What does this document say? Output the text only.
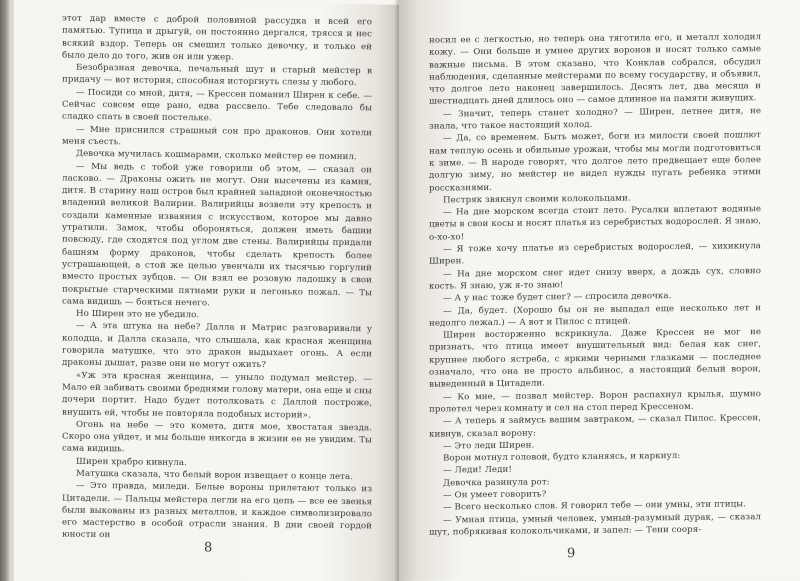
этот дар вместе с доброй половиной рассудка и всей его памятью. Тупица и дрыгуй, он постоянно дергался, трясся и нес всякий вздор. Теперь он смешил только девочку, и только ей было дело до того, жив он или ужер.

Безобразная девочка, печальный шут и старый мейстер в придачу — вот история, способная исторгнуть слезы у любого.

— Посиди со мной, дитя, — Крессен поманил Ширен к себе. — Сейчас совсем еще рано, едва рассвело. Тебе следовало бы сладко спать в своей постельке.

— Мне приснился страшный сон про драконов. Они хотели меня съесть.

Девочка мучилась кошмарами, сколько мейстер ее помнил.

— Мы ведь с тобой уже говорили об этом, — сказал он ласково. — Драконы ожить не могут. Они высечены из камня, дитя. В старину наш остров был крайней западной оконечностью владений великой Валирии. Валирийцы возвели эту крепость и создали каменные изваяния с искусством, которое мы давно утратили. Замок, чтобы обороняться, должен иметь башни повсюду, где сходятся под углом две стены. Валирийцы придали башням форму драконов, чтобы сделать крепость более устрашающей, а стой же целью увенчали их тысячью горгулий вместо простых зубцов. — Он взял ее розовую ладошку в свои покрытые старческими пятнами руки и легонько пожал. — Ты сама видишь — бояться нечего.

Но Ширен это не убедило.

— А эта штука на небе? Далла и Матрис разговаривали у колодца, и Далла сказала, что слышала, как красная женщина говорила матушке, что это дракон выдыхает огонь. А если драконы дышат, разве они не могут ожить?

«Уж эта красная женщина, — уныло подумал мейстер. — Мало ей забивать своими бреднями голову матери, она еще и сны дочери портит. Надо будет потолковать с Даллой построже, внушить ей, чтобы не повторяла подобных историй».

Огонь на небе — это комета, дитя мое, хвостатая звезда. Скоро она уйдет, и мы больше никогда в жизни ее не увидим. Ты сама видишь.

Ширен храбро кивнула.

Матушка сказала, что белый ворон извещает о конце лета.

— Это правда, миледи. Белые вороны прилетают только из Цитадели. — Пальцы мейстера легли на его цепь — все ее звенья были выкованы из разных металлов, и каждое символизировало его мастерство в особой отрасли знания. В дни своей гордой юности он

8

носил ее с легкостью, но теперь она тяготила его, и металл холодил кожу. — Они больше и умнее других воронов и носят только самые важные письма. В этом сказано, что Конклав собрался, обсудил наблюдения, сделанные мейстерами по всему государству, и объявил, что долгое лето наконец завершилось. Десять лет, два месяца и шестнадцать дней длилось оно — самое длинное на памяти живущих.

— Значит, теперь станет холодно? — Ширен, летнее дитя, не знала, что такое настоящий холод.

— Да, со временем. Быть может, боги из милости своей пошлют нам теплую осень и обильные урожаи, чтобы мы могли подготовиться к зиме. — В народе говорят, что долгое лето предвещает еще более долгую зиму, но мейстер не видел нужды пугать ребенка этими россказнями.

Пестряк звякнул своими колокольцами.

— На дне морском всегда стоит лето. Русалки вплетают водяные цветы в свои косы и носят платья из серебристых водорослей. Я знаю, о-хо-хо!

— Я тоже хочу платье из серебристых водорослей, — хихикнула Ширен.

— На дне морском снег идет снизу вверх, а дождь сух, словно кость. Я знаю, уж я-то знаю!

— А у нас тоже будет снег? — спросила девочка.

— Да, будет. (Хорошо бы он не выпадал еще несколько лет и недолго лежал.) — А вот и Пилос с птицей.

Ширен восторженно вскрикнула. Даже Крессен не мог не признать, что птица имеет внушительный вид: белая как снег, крупнее любого ястреба, с яркими черными глазками — последнее означало, что она не просто альбинос, а настоящий белый ворон, выведенный в Цитадели.

— Ко мне, — позвал мейстер. Ворон распахнул крылья, шумно пролетел через комнату и сел на стол перед Крессеном.

— А теперь я займусь вашим завтраком, — сказал Пилос. Крессен, кивнув, сказал ворону:

— Это леди Ширен.

Ворон мотнул головой, будто кланяясь, и каркнул:

— Леди! Леди!

Девочка разинула рот:

— Он умеет говорить?

— Всего несколько слов. Я говорил тебе — они умны, эти птицы.

— Умная птица, умный человек, умный-разумный дурак, — сказал шут, побрякивая колокольчиками, и запел: — Тени сооря-

9
